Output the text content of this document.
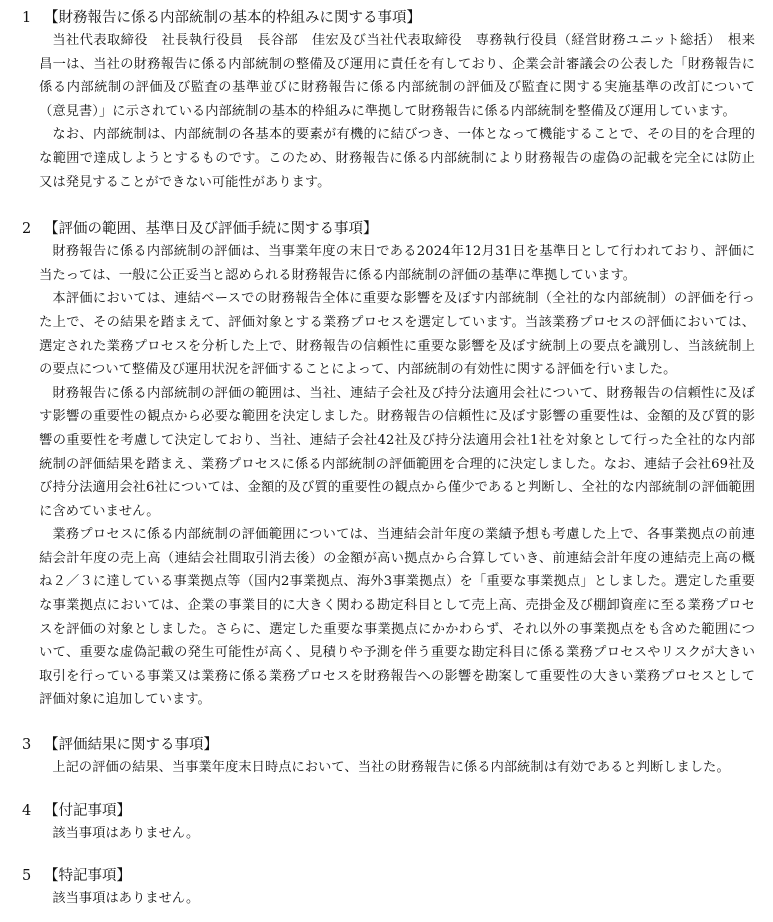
1 【財務報告に係る内部統制の基本的枠組みに関する事項】

当社代表取締役　社長執行役員　長谷部　佳宏及び当社代表取締役　専務執行役員（経営財務ユニット総括）　根来　昌一は、当社の財務報告に係る内部統制の整備及び運用に責任を有しており、企業会計審議会の公表した「財務報告に係る内部統制の評価及び監査の基準並びに財務報告に係る内部統制の評価及び監査に関する実施基準の改訂について（意見書）」に示されている内部統制の基本的枠組みに準拠して財務報告に係る内部統制を整備及び運用しています。

なお、内部統制は、内部統制の各基本的要素が有機的に結びつき、一体となって機能することで、その目的を合理的な範囲で達成しようとするものです。このため、財務報告に係る内部統制により財務報告の虚偽の記載を完全には防止又は発見することができない可能性があります。

2 【評価の範囲、基準日及び評価手続に関する事項】

財務報告に係る内部統制の評価は、当事業年度の末日である2024年12月31日を基準日として行われており、評価に当たっては、一般に公正妥当と認められる財務報告に係る内部統制の評価の基準に準拠しています。

本評価においては、連結ベースでの財務報告全体に重要な影響を及ぼす内部統制（全社的な内部統制）の評価を行った上で、その結果を踏まえて、評価対象とする業務プロセスを選定しています。当該業務プロセスの評価においては、選定された業務プロセスを分析した上で、財務報告の信頼性に重要な影響を及ぼす統制上の要点を識別し、当該統制上の要点について整備及び運用状況を評価することによって、内部統制の有効性に関する評価を行いました。

財務報告に係る内部統制の評価の範囲は、当社、連結子会社及び持分法適用会社について、財務報告の信頼性に及ぼす影響の重要性の観点から必要な範囲を決定しました。財務報告の信頼性に及ぼす影響の重要性は、金額的及び質的影響の重要性を考慮して決定しており、当社、連結子会社42社及び持分法適用会社1社を対象として行った全社的な内部統制の評価結果を踏まえ、業務プロセスに係る内部統制の評価範囲を合理的に決定しました。なお、連結子会社69社及び持分法適用会社6社については、金額的及び質的重要性の観点から僅少であると判断し、全社的な内部統制の評価範囲に含めていません。

業務プロセスに係る内部統制の評価範囲については、当連結会計年度の業績予想も考慮した上で、各事業拠点の前連結会計年度の売上高（連結会社間取引消去後）の金額が高い拠点から合算していき、前連結会計年度の連結売上高の概ね２／３に達している事業拠点等（国内2事業拠点、海外3事業拠点）を「重要な事業拠点」としました。選定した重要な事業拠点においては、企業の事業目的に大きく関わる勘定科目として売上高、売掛金及び棚卸資産に至る業務プロセスを評価の対象としました。さらに、選定した重要な事業拠点にかかわらず、それ以外の事業拠点をも含めた範囲について、重要な虚偽記載の発生可能性が高く、見積りや予測を伴う重要な勘定科目に係る業務プロセスやリスクが大きい取引を行っている事業又は業務に係る業務プロセスを財務報告への影響を勘案して重要性の大きい業務プロセスとして評価対象に追加しています。

3 【評価結果に関する事項】

上記の評価の結果、当事業年度末日時点において、当社の財務報告に係る内部統制は有効であると判断しました。

4 【付記事項】

該当事項はありません。

5 【特記事項】

該当事項はありません。
